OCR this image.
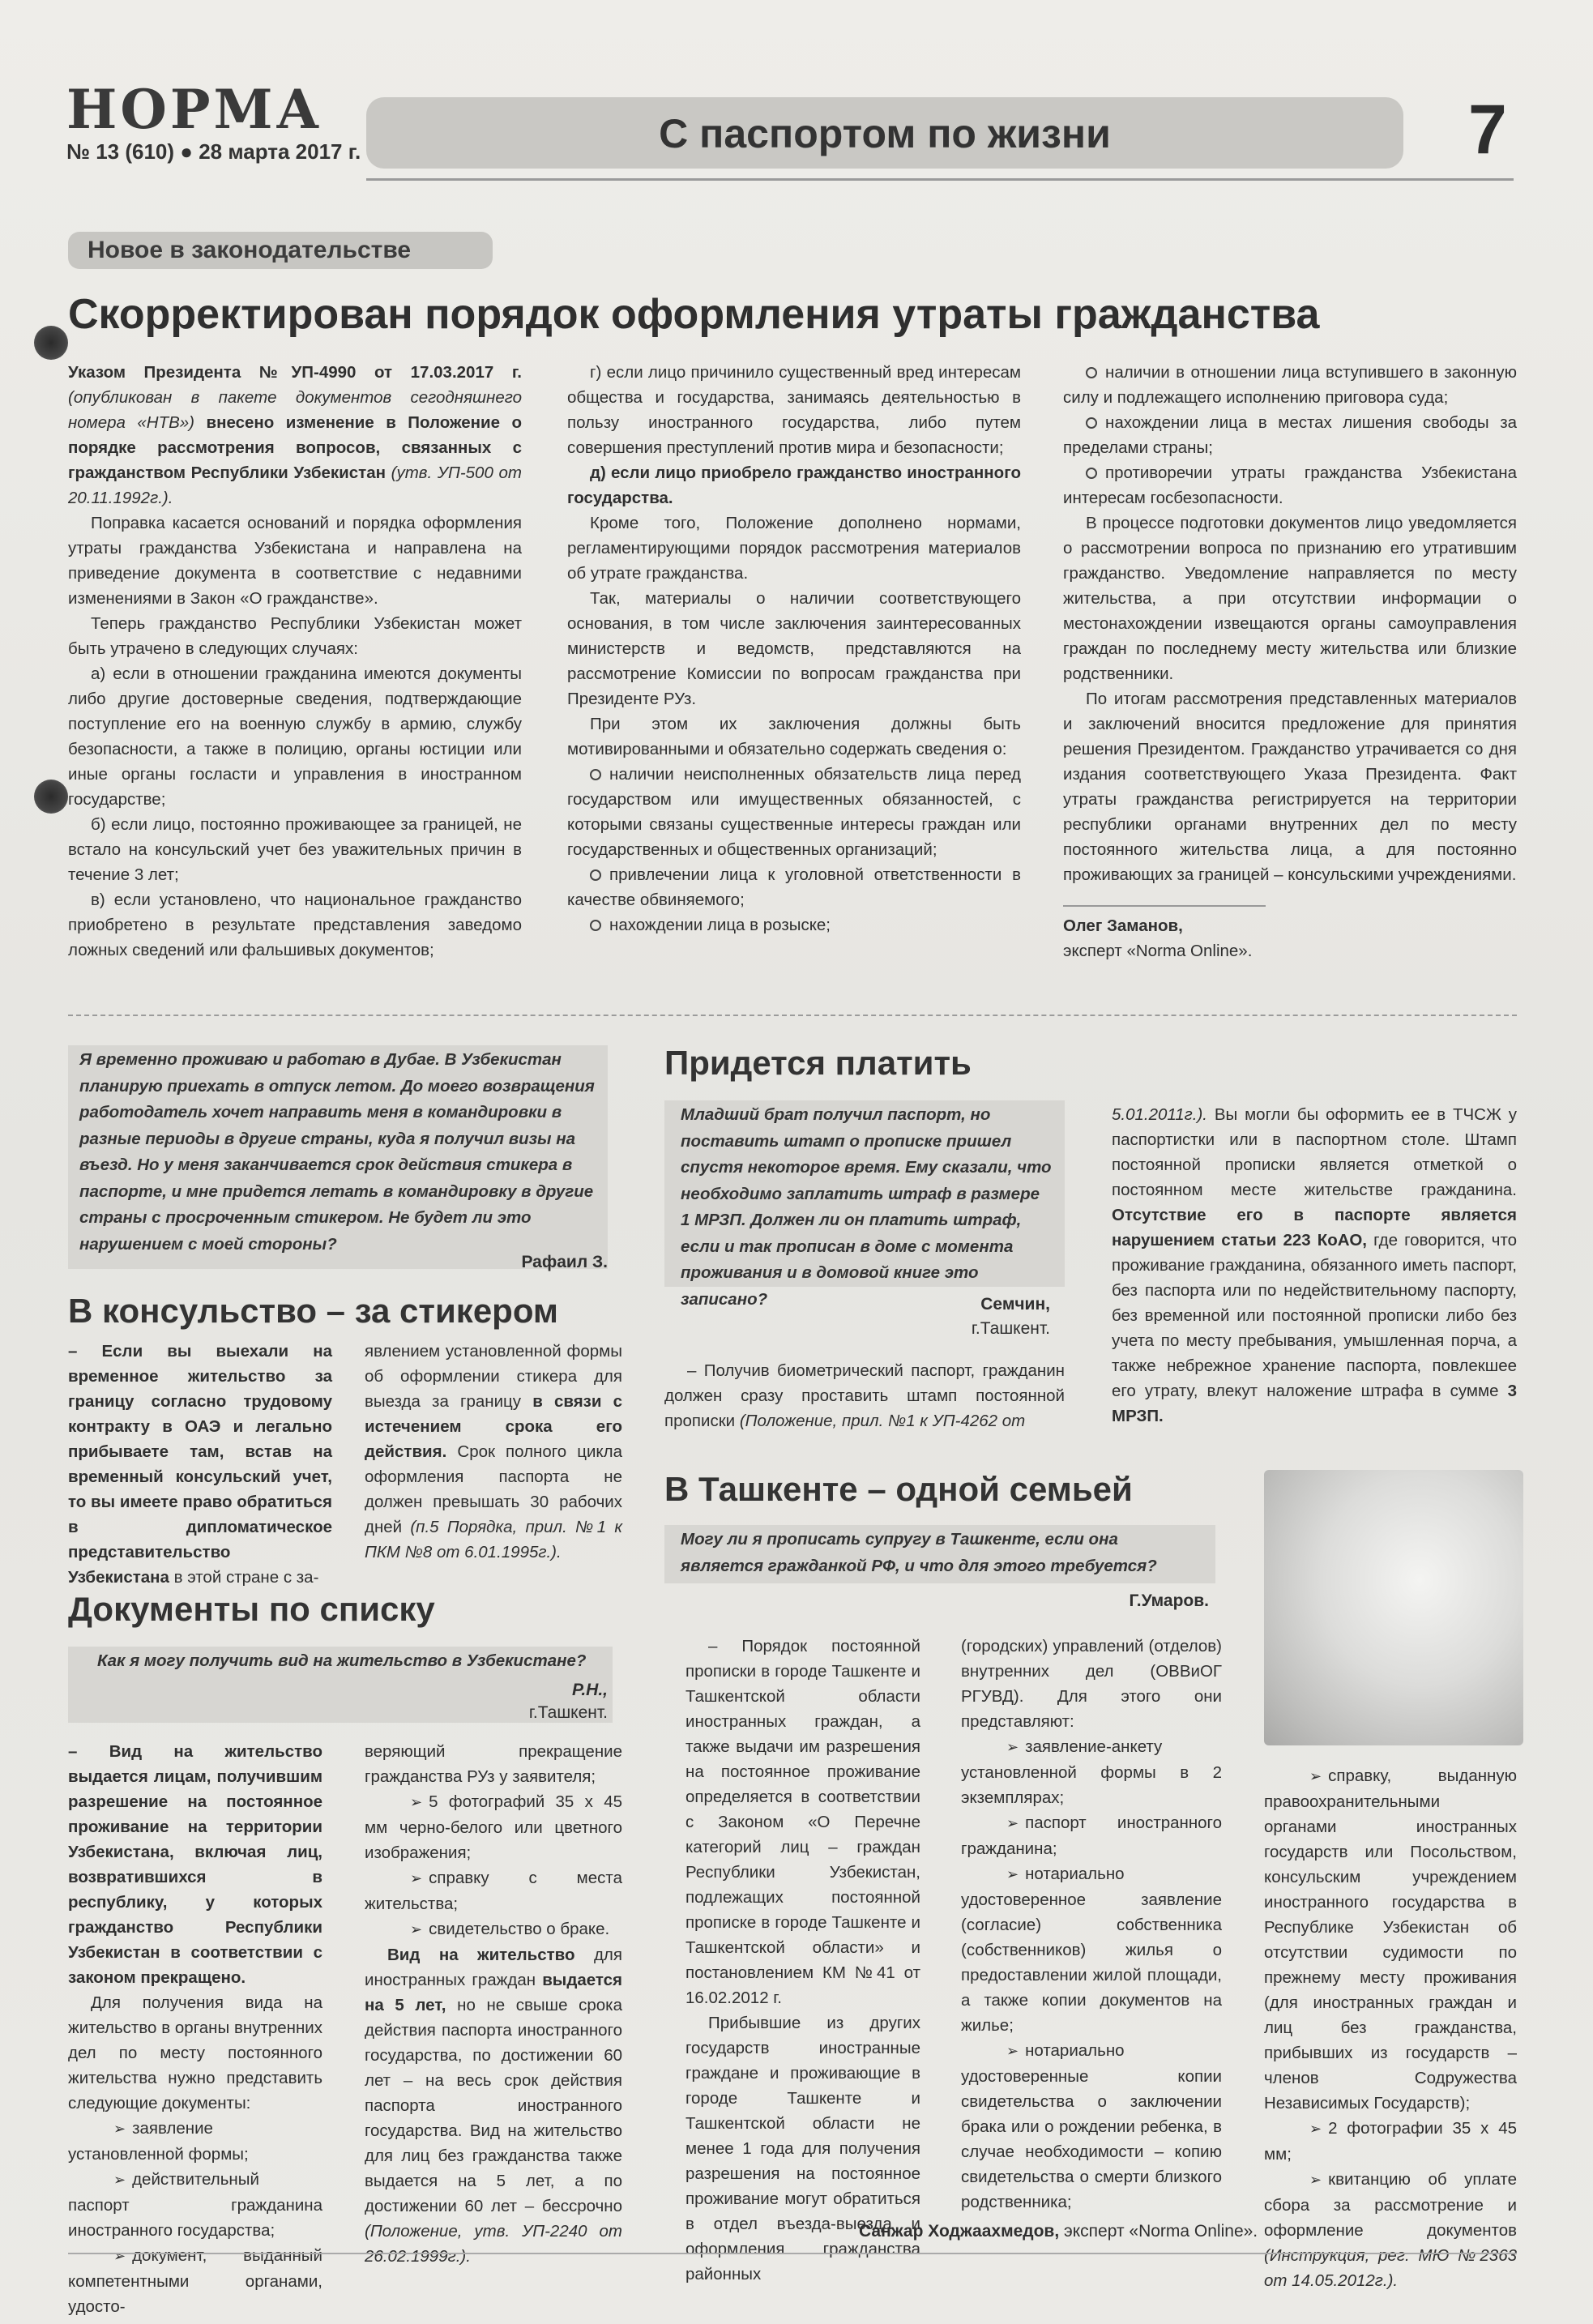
НОРМА
№ 13 (610) ● 28 марта 2017 г.	С паспортом по жизни	7
Новое в законодательстве
Скорректирован порядок оформления утраты гражданства

Указом Президента №УП-4990 от 17.03.2017 г. (опубликован в пакете документов сегодняшнего номера «НТВ») внесено изменение в Положение о порядке рассмотрения вопросов, связанных с гражданством Республики Узбекистан (утв. УП-500 от 20.11.1992г.).

Поправка касается оснований и порядка оформления утраты гражданства Узбекистана и направлена на приведение документа в соответствие с недавними изменениями в Закон «О гражданстве».

Теперь гражданство Республики Узбекистан может быть утрачено в следующих случаях:

а) если в отношении гражданина имеются документы либо другие достоверные сведения, подтверждающие поступление его на военную службу в армию, службу безопасности, а также в полицию, органы юстиции или иные органы госласти и управления в иностранном государстве;

б) если лицо, постоянно проживающее за границей, не встало на консульский учет без уважительных причин в течение 3 лет;

в) если установлено, что национальное гражданство приобретено в результате представления заведомо ложных сведений или фальшивых документов;

г) если лицо причинило существенный вред интересам общества и государства, занимаясь деятельностью в пользу иностранного государства, либо путем совершения преступлений против мира и безопасности;

д) если лицо приобрело гражданство иностранного государства.

Кроме того, Положение дополнено нормами, регламентирующими порядок рассмотрения материалов об утрате гражданства.

Так, материалы о наличии соответствующего основания, в том числе заключения заинтересованных министерств и ведомств, представляются на рассмотрение Комиссии по вопросам гражданства при Президенте РУз.

При этом их заключения должны быть мотивированными и обязательно содержать сведения о:

наличии неисполненных обязательств лица перед государством или имущественных обязанностей, с которыми связаны существенные интересы граждан или государственных и общественных организаций;

привлечении лица к уголовной ответственности в качестве обвиняемого;

нахождении лица в розыске;

наличии в отношении лица вступившего в законную силу и подлежащего исполнению приговора суда;

нахождении лица в местах лишения свободы за пределами страны;

противоречии утраты гражданства Узбекистана интересам госбезопасности.

В процессе подготовки документов лицо уведомляется о рассмотрении вопроса по признанию его утратившим гражданство. Уведомление направляется по месту жительства, а при отсутствии информации о местонахождении извещаются органы самоуправления граждан по последнему месту жительства или близкие родственники.

По итогам рассмотрения представленных материалов и заключений вносится предложение для принятия решения Президентом. Гражданство утрачивается со дня издания соответствующего Указа Президента. Факт утраты гражданства регистрируется на территории республики органами внутренних дел по месту постоянного жительства лица, а для постоянно проживающих за границей – консульскими учреждениями.

Олег Заманов,

эксперт «Norma Online».

Я временно проживаю и работаю в Дубае. В Узбекистан планирую приехать в отпуск летом. До моего возвращения работодатель хочет направить меня в командировки в разные периоды в другие страны, куда я получил визы на въезд. Но у меня заканчивается срок действия стикера в паспорте, и мне придется летать в командировку в другие страны с просроченным стикером. Не будет ли это нарушением с моей стороны?
Рафаил З.
В консульство – за стикером

– Если вы выехали на временное жительство за границу согласно трудовому контракту в ОАЭ и легально прибываете там, встав на временный консульский учет, то вы имеете право обратиться в дипломатическое представительство Узбекистана в этой стране с за-

явлением установленной формы об оформлении стикера для выезда за границу в связи с истечением срока его действия. Срок полного цикла оформления паспорта не должен превышать 30 рабочих дней (п.5 Порядка, прил. №1 к ПКМ №8 от 6.01.1995г.).

Придется платить
Младший брат получил паспорт, но поставить штамп о прописке пришел спустя некоторое время. Ему сказали, что необходимо заплатить штраф в размере 1 МРЗП. Должен ли он платить штраф, если и так прописан в доме с момента проживания и в домовой книге это записано?	Семчин,
г.Ташкент.

– Получив биометрический паспорт, гражданин должен сразу проставить штамп постоянной прописки (Положение, прил. №1 к УП-4262 от

5.01.2011г.). Вы могли бы оформить ее в ТЧСЖ у паспортистки или в паспортном столе. Штамп постоянной прописки является отметкой о постоянном месте жительстве гражданина. Отсутствие его в паспорте является нарушением статьи 223 КоАО, где говорится, что проживание гражданина, обязанного иметь паспорт, без паспорта или по недействительному паспорту, без временной или постоянной прописки либо без учета по месту пребывания, умышленная порча, а также небрежное хранение паспорта, повлекшее его утрату, влекут наложение штрафа в сумме 3 МРЗП.

В Ташкенте – одной семьей
Могу ли я прописать супругу в Ташкенте, если она является гражданкой РФ, и что для этого требуется?
Г.Умаров.

– Порядок постоянной прописки в городе Ташкенте и Ташкентской области иностранных граждан, а также выдачи им разрешения на постоянное проживание определяется в соответствии с Законом «О Перечне категорий лиц – граждан Республики Узбекистан, подлежащих постоянной прописке в городе Ташкенте и Ташкентской области» и постановлением КМ №41 от 16.02.2012 г.

Прибывшие из других государств иностранные граждане и проживающие в городе Ташкенте и Ташкентской области не менее 1 года для получения разрешения на постоянное проживание могут обратиться в отдел въезда-выезда и оформления гражданства районных

(городских) управлений (отделов) внутренних дел (ОВВиОГ РГУВД). Для этого они представляют:

➢ заявление-анкету установленной формы в 2 экземплярах;

➢ паспорт иностранного гражданина;

➢ нотариально удостоверенное заявление (согласие) собственника (собственников) жилья о предоставлении жилой площади, а также копии документов на жилье;

➢ нотариально удостоверенные копии свидетельства о заключении брака или о рождении ребенка, в случае необходимости – копию свидетельства о смерти близкого родственника;

➢ справку, выданную правоохранительными органами иностранных государств или Посольством, консульским учреждением иностранного государства в Республике Узбекистан об отсутствии судимости по прежнему месту проживания (для иностранных граждан и лиц без гражданства, прибывших из государств – членов Содружества Независимых Государств);

➢ 2 фотографии 35 х 45 мм;

➢ квитанцию об уплате сбора за рассмотрение и оформление документов (Инструкция, рег. МЮ №2363 от 14.05.2012г.).

Документы по списку
Как я могу получить вид на жительство в Узбекистане?
Р.Н.,
г.Ташкент.

– Вид на жительство выдается лицам, получившим разрешение на постоянное проживание на территории Узбекистана, включая лиц, возвратившихся в республику, у которых гражданство Республики Узбекистан в соответствии с законом прекращено.

Для получения вида на жительство в органы внутренних дел по месту постоянного жительства нужно представить следующие документы:

➢ заявление установленной формы;

➢ действительный паспорт гражданина иностранного государства;

➢ документ, выданный компетентными органами, удосто-

веряющий прекращение гражданства РУз у заявителя;

➢ 5 фотографий 35 х 45 мм черно-белого или цветного изображения;

➢ справку с места жительства;

➢ свидетельство о браке.

Вид на жительство для иностранных граждан выдается на 5 лет, но не свыше срока действия паспорта иностранного государства, по достижении 60 лет – на весь срок действия паспорта иностранного государства. Вид на жительство для лиц без гражданства также выдается на 5 лет, а по достижении 60 лет – бессрочно (Положение, утв. УП-2240 от 26.02.1999г.).

Санжар Ходжаахмедов, эксперт «Norma Online».
